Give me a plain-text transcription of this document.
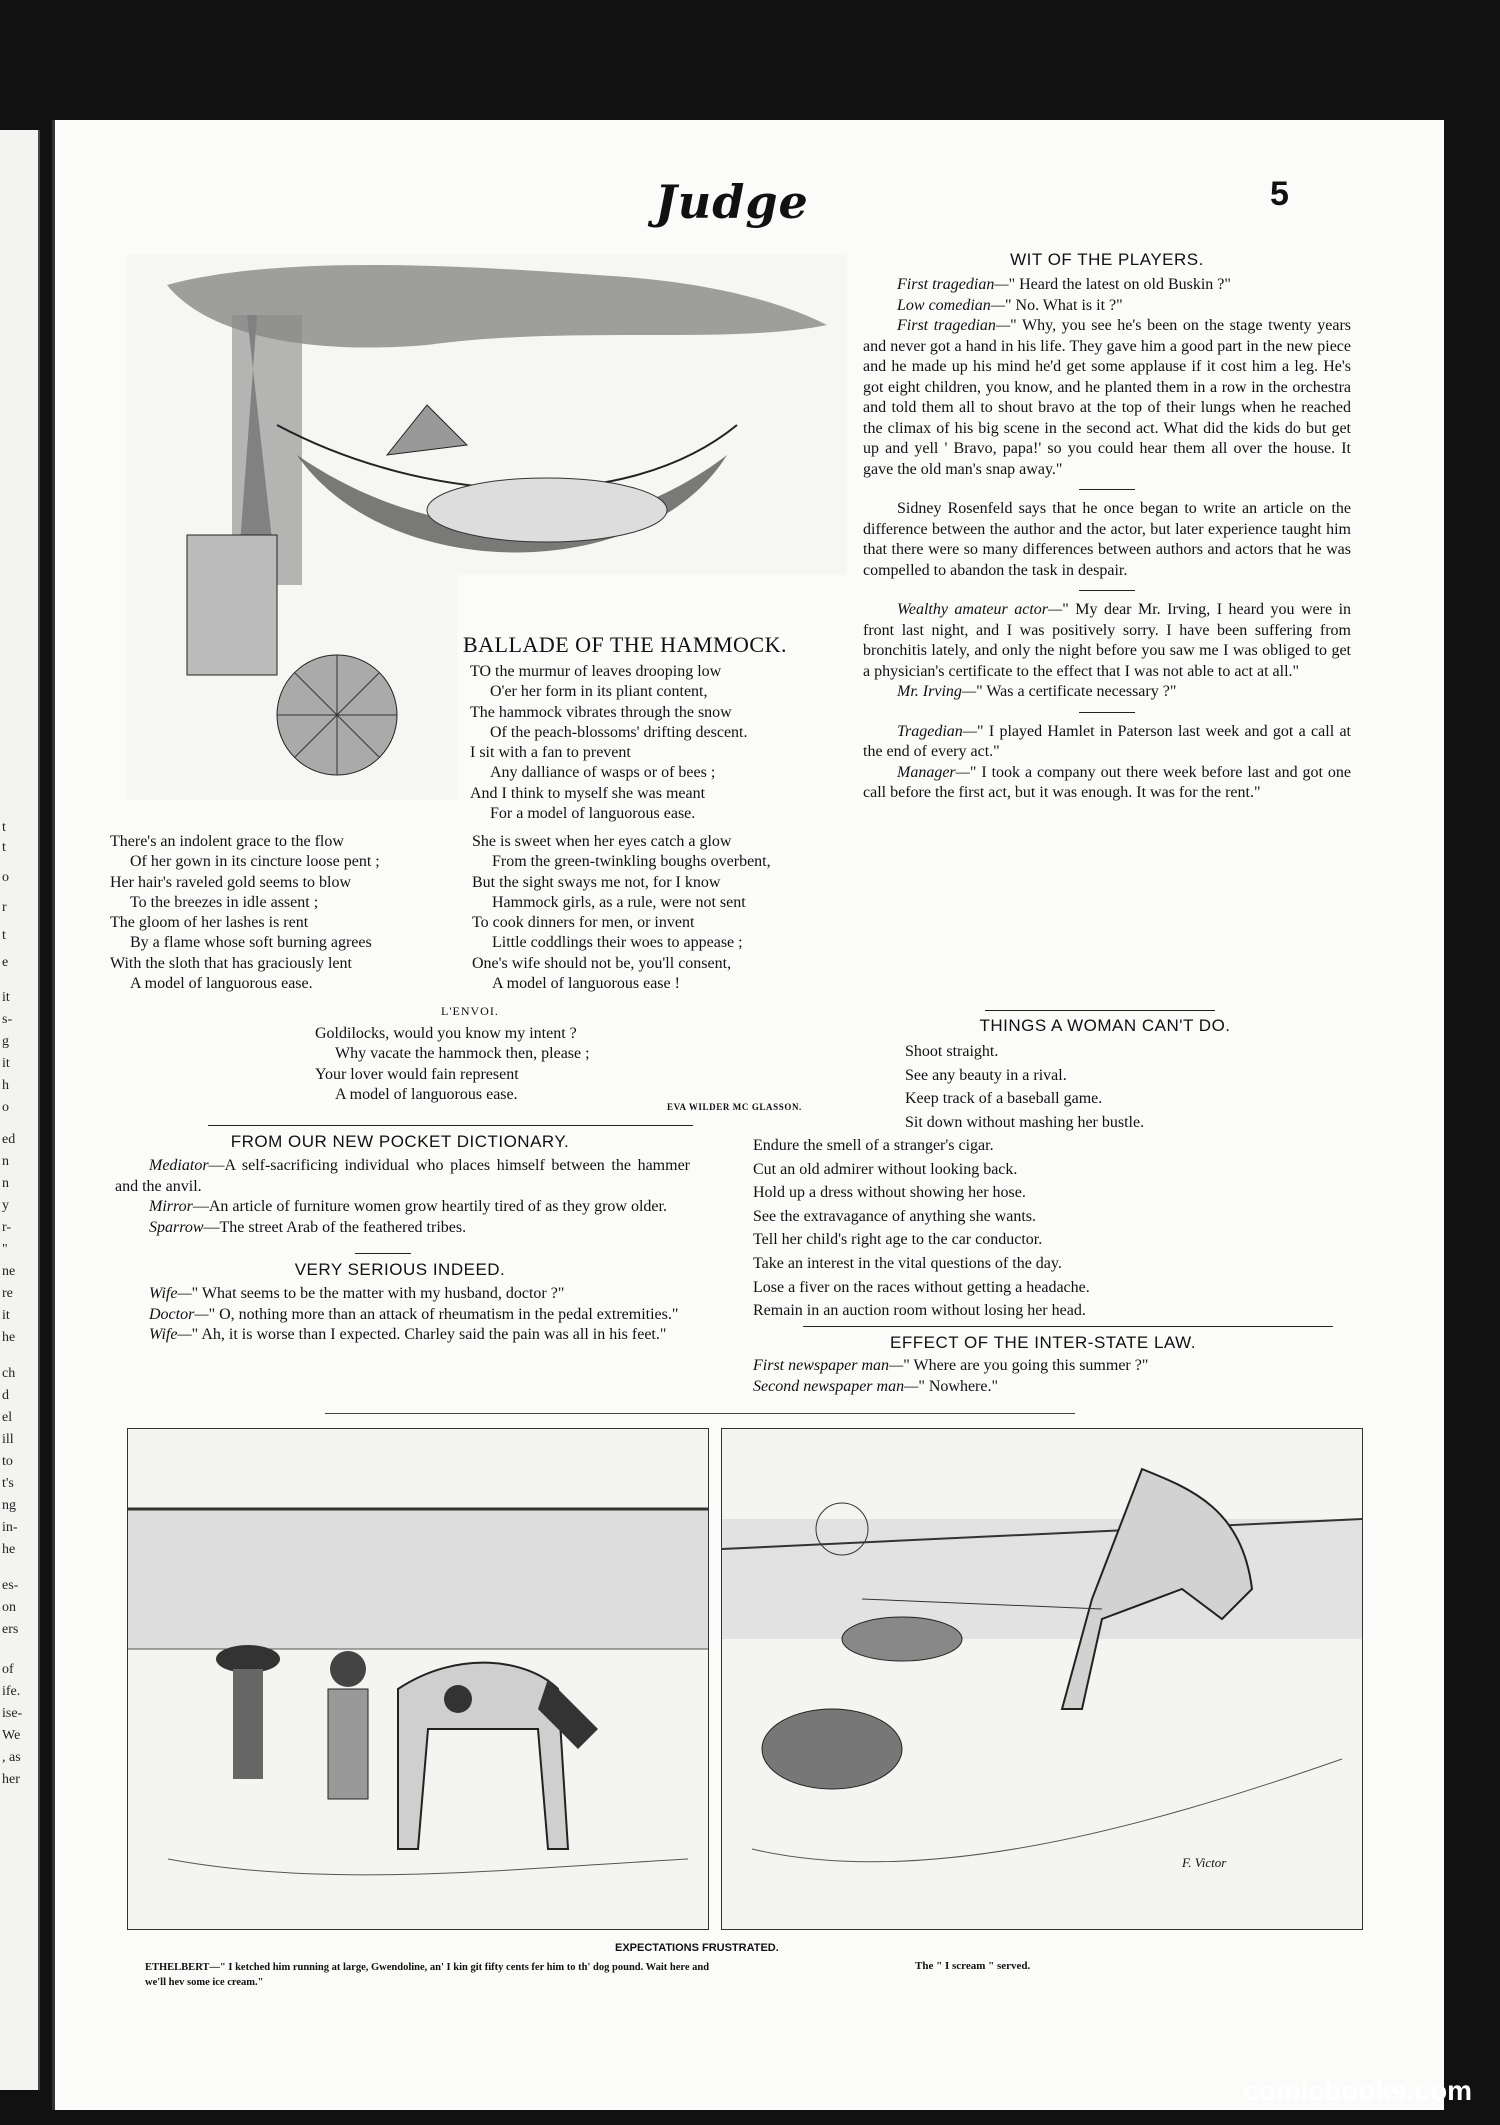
t
t
o
r
t
e
it
s-
g
it
h
o
ed
n
n
y
r-
"
ne
re
it
he
ch
d
el
ill
to
t's
ng
in-
he
es-
on
ers
of
ife.
ise-
We
, as
her
Judge	5
BALLADE OF THE HAMMOCK.
TO the murmur of leaves drooping low
O'er her form in its pliant content,
The hammock vibrates through the snow
Of the peach-blossoms' drifting descent.
I sit with a fan to prevent
Any dalliance of wasps or of bees ;
And I think to myself she was meant
For a model of languorous ease.
There's an indolent grace to the flow
Of her gown in its cincture loose pent ;
Her hair's raveled gold seems to blow
To the breezes in idle assent ;
The gloom of her lashes is rent
By a flame whose soft burning agrees
With the sloth that has graciously lent
A model of languorous ease.
She is sweet when her eyes catch a glow
From the green-twinkling boughs overbent,
But the sight sways me not, for I know
Hammock girls, as a rule, were not sent
To cook dinners for men, or invent
Little coddlings their woes to appease ;
One's wife should not be, you'll consent,
A model of languorous ease !
L'ENVOI.
Goldilocks, would you know my intent ?
Why vacate the hammock then, please ;
Your lover would fain represent
A model of languorous ease.
EVA WILDER MC GLASSON.
WIT OF THE PLAYERS.

First tragedian—" Heard the latest on old Buskin ?"

Low comedian—" No. What is it ?"

First tragedian—" Why, you see he's been on the stage twenty years and never got a hand in his life. They gave him a good part in the new piece and he made up his mind he'd get some applause if it cost him a leg. He's got eight children, you know, and he planted them in a row in the orchestra and told them all to shout bravo at the top of their lungs when he reached the climax of his big scene in the second act. What did the kids do but get up and yell ' Bravo, papa!' so you could hear them all over the house. It gave the old man's snap away."

Sidney Rosenfeld says that he once began to write an article on the difference between the author and the actor, but later experience taught him that there were so many differences between authors and actors that he was compelled to abandon the task in despair.

Wealthy amateur actor—" My dear Mr. Irving, I heard you were in front last night, and I was positively sorry. I have been suffering from bronchitis lately, and only the night before you saw me I was obliged to get a physician's certificate to the effect that I was not able to act at all."

Mr. Irving—" Was a certificate necessary ?"

Tragedian—" I played Hamlet in Paterson last week and got a call at the end of every act."

Manager—" I took a company out there week before last and got one call before the first act, but it was enough. It was for the rent."

THINGS A WOMAN CAN'T DO.
Shoot straight.
See any beauty in a rival.
Keep track of a baseball game.
Sit down without mashing her bustle.
Endure the smell of a stranger's cigar.
Cut an old admirer without looking back.
Hold up a dress without showing her hose.
See the extravagance of anything she wants.
Tell her child's right age to the car conductor.
Take an interest in the vital questions of the day.
Lose a fiver on the races without getting a headache.
Remain in an auction room without losing her head.
EFFECT OF THE INTER-STATE LAW.
First newspaper man—" Where are you going this summer ?"
Second newspaper man—" Nowhere."
FROM OUR NEW POCKET DICTIONARY.

Mediator—A self-sacrificing individual who places himself between the hammer and the anvil.

Mirror—An article of furniture women grow heartily tired of as they grow older.

Sparrow—The street Arab of the feathered tribes.

VERY SERIOUS INDEED.

Wife—" What seems to be the matter with my husband, doctor ?"

Doctor—" O, nothing more than an attack of rheumatism in the pedal extremities."

Wife—" Ah, it is worse than I expected. Charley said the pain was all in his feet."

F. Victor
EXPECTATIONS FRUSTRATED.
ETHELBERT—" I ketched him running at large, Gwendoline, an' I kin git fifty cents fer him to th' dog pound. Wait here and we'll hev some ice cream."
The " I scream " served.
comicbooks.com
